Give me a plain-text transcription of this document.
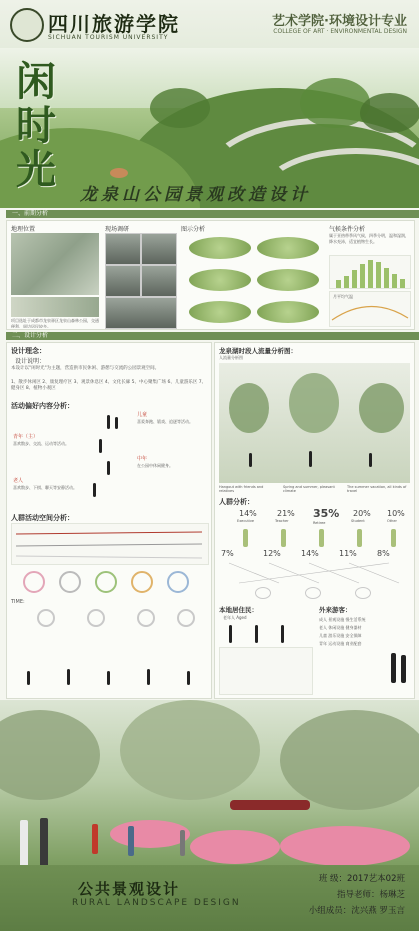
四川旅游学院
SICHUAN TOURISM UNIVERSITY
艺术学院·环境设计专业
COLLEGE OF ART · ENVIRONMENTAL DESIGN
闲时光
龙泉山公园景观改造设计
一、前期分析
地理位置
项目选址于成都市龙泉驿区龙泉山森林公园，交通便利，周边居民较多。
现场调研	图示分析	气候条件分析
属于亚热带季风气候，四季分明，温和湿润，降水充沛，适宜植物生长。
月平均气温
二、设计分析
设计理念：
设计说明：
本设计以"闲时光"为主题，营造供市民休闲、游憩与交流的公园景观空间。
1、散步休闲区 2、康复理疗区 3、观景休息区 4、文化长廊 5、中心聚集广场 6、儿童游乐区 7、健身区 8、植物小观区
活动偏好内容分析：
儿童
喜爱奔跑、嬉戏、追逐等活动。
青年（主）
喜欢散步、交流、运动等活动。
中年
在公园中休闲健身。
老人
喜欢散步、下棋、聊天等安静活动。
人群活动空间分析：
TIME:
龙泉湖时段人流量分析图：
人流量分析图
Hangout with friends and relatives
Spring and summer, pleasant climate
The summer vacation, all kinds of travel
人群分析：
14%	21% 35% 20% 10%
Executive	Teacher	Retiree	Student	Other
7%	12%	14%	11%	8%
本地居住民：
老年人 Aged
外来游客：
成人 景观设施 慢生活系统
老人 休闲设施 健身器材
儿童 游乐设施 安全保障
青年 运动设施 商业配套
公共景观设计
RURAL LANDSCAPE DESIGN
班 级：2017艺本02班
指导老师：杨琳芝
小组成员：沈兴燕 罗玉言
